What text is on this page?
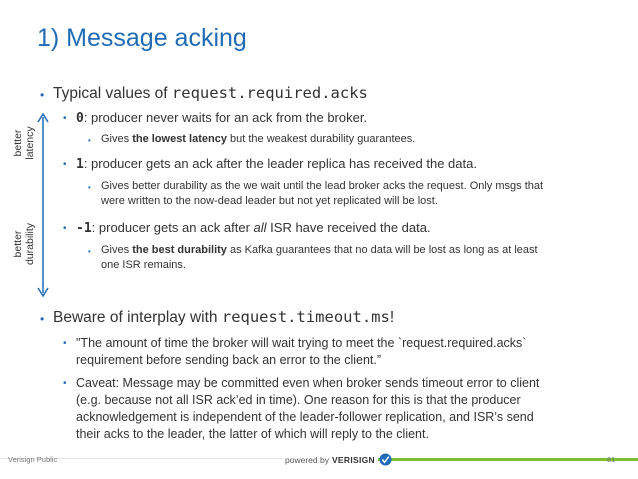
1) Message acking
better latency
better durability
• Typical values of request.required.acks
• 0: producer never waits for an ack from the broker.
• Gives the lowest latency but the weakest durability guarantees.
• 1: producer gets an ack after the leader replica has received the data.
• Gives better durability as the we wait until the lead broker acks the request. Only msgs that
were written to the now-dead leader but not yet replicated will be lost.
• -1: producer gets an ack after all ISR have received the data.
• Gives the best durability as Kafka guarantees that no data will be lost as long as at least
one ISR remains.
• Beware of interplay with request.timeout.ms!
• "The amount of time the broker will wait trying to meet the `request.required.acks`
requirement before sending back an error to the client.”
• Caveat: Message may be committed even when broker sends timeout error to client
(e.g. because not all ISR ack’ed in time). One reason for this is that the producer
acknowledgement is independent of the leader-follower replication, and ISR’s send
their acks to the leader, the latter of which will reply to the client.
Verisign Public	powered by VERISIGN	81
